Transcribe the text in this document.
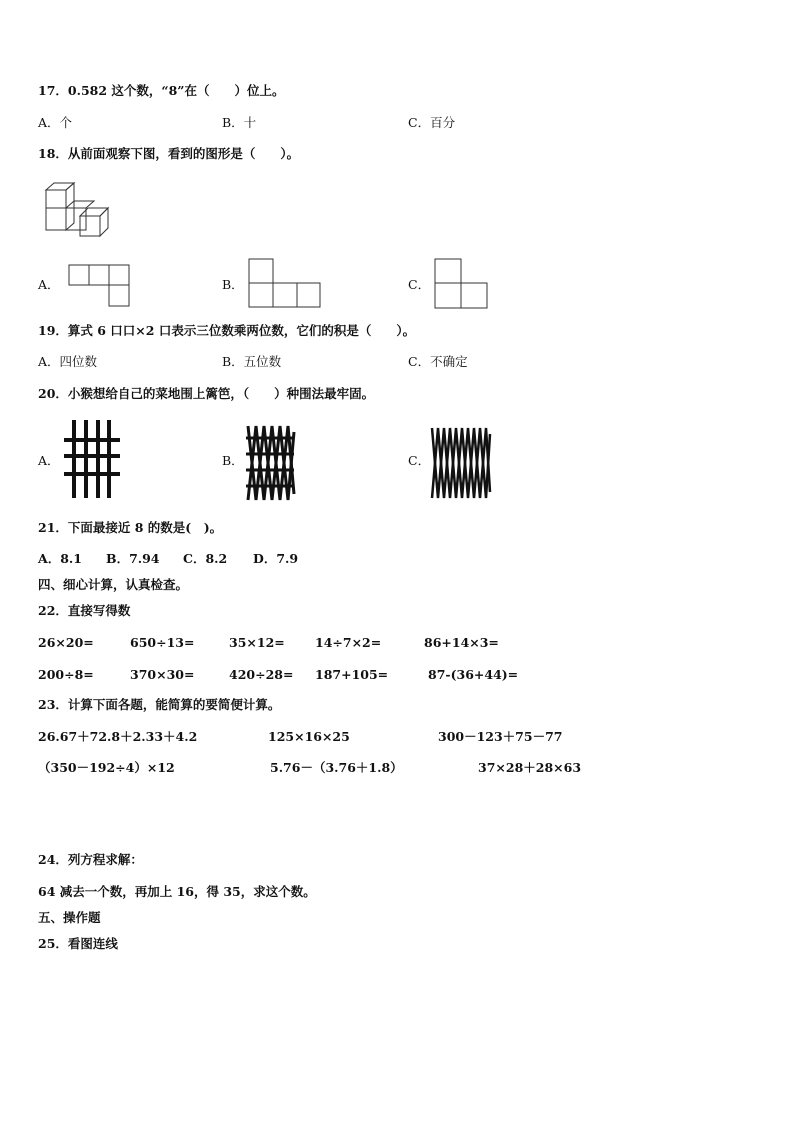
17．0.582 这个数，“8”在（　　）位上。
A．个	B．十	C．百分
18．从前面观察下图，看到的图形是（　　）。
A．	B．	C．
19．算式 6 口口×2 口表示三位数乘两位数，它们的积是（　　）。
A．四位数	B．五位数	C．不确定
20．小猴想给自己的菜地围上篱笆，（　　）种围法最牢固。
A．	B．	C．
21．下面最接近 8 的数是(　)。
A．8.1 B．7.94 C．8.2 D．7.9
四、细心计算，认真检查。
22．直接写得数
26×20=	650÷13=	35×12= 14÷7×2=	86+14×3=
200÷8=	370×30=	420÷28= 187+105=	87-(36+44)=
23．计算下面各题，能简算的要简便计算。
26.67＋72.8＋2.33＋4.2	125×16×25	300－123＋75－77
（350－192÷4）×12	5.76－（3.76＋1.8）	37×28＋28×63
24．列方程求解：
64 减去一个数，再加上 16，得 35，求这个数。
五、操作题
25．看图连线
